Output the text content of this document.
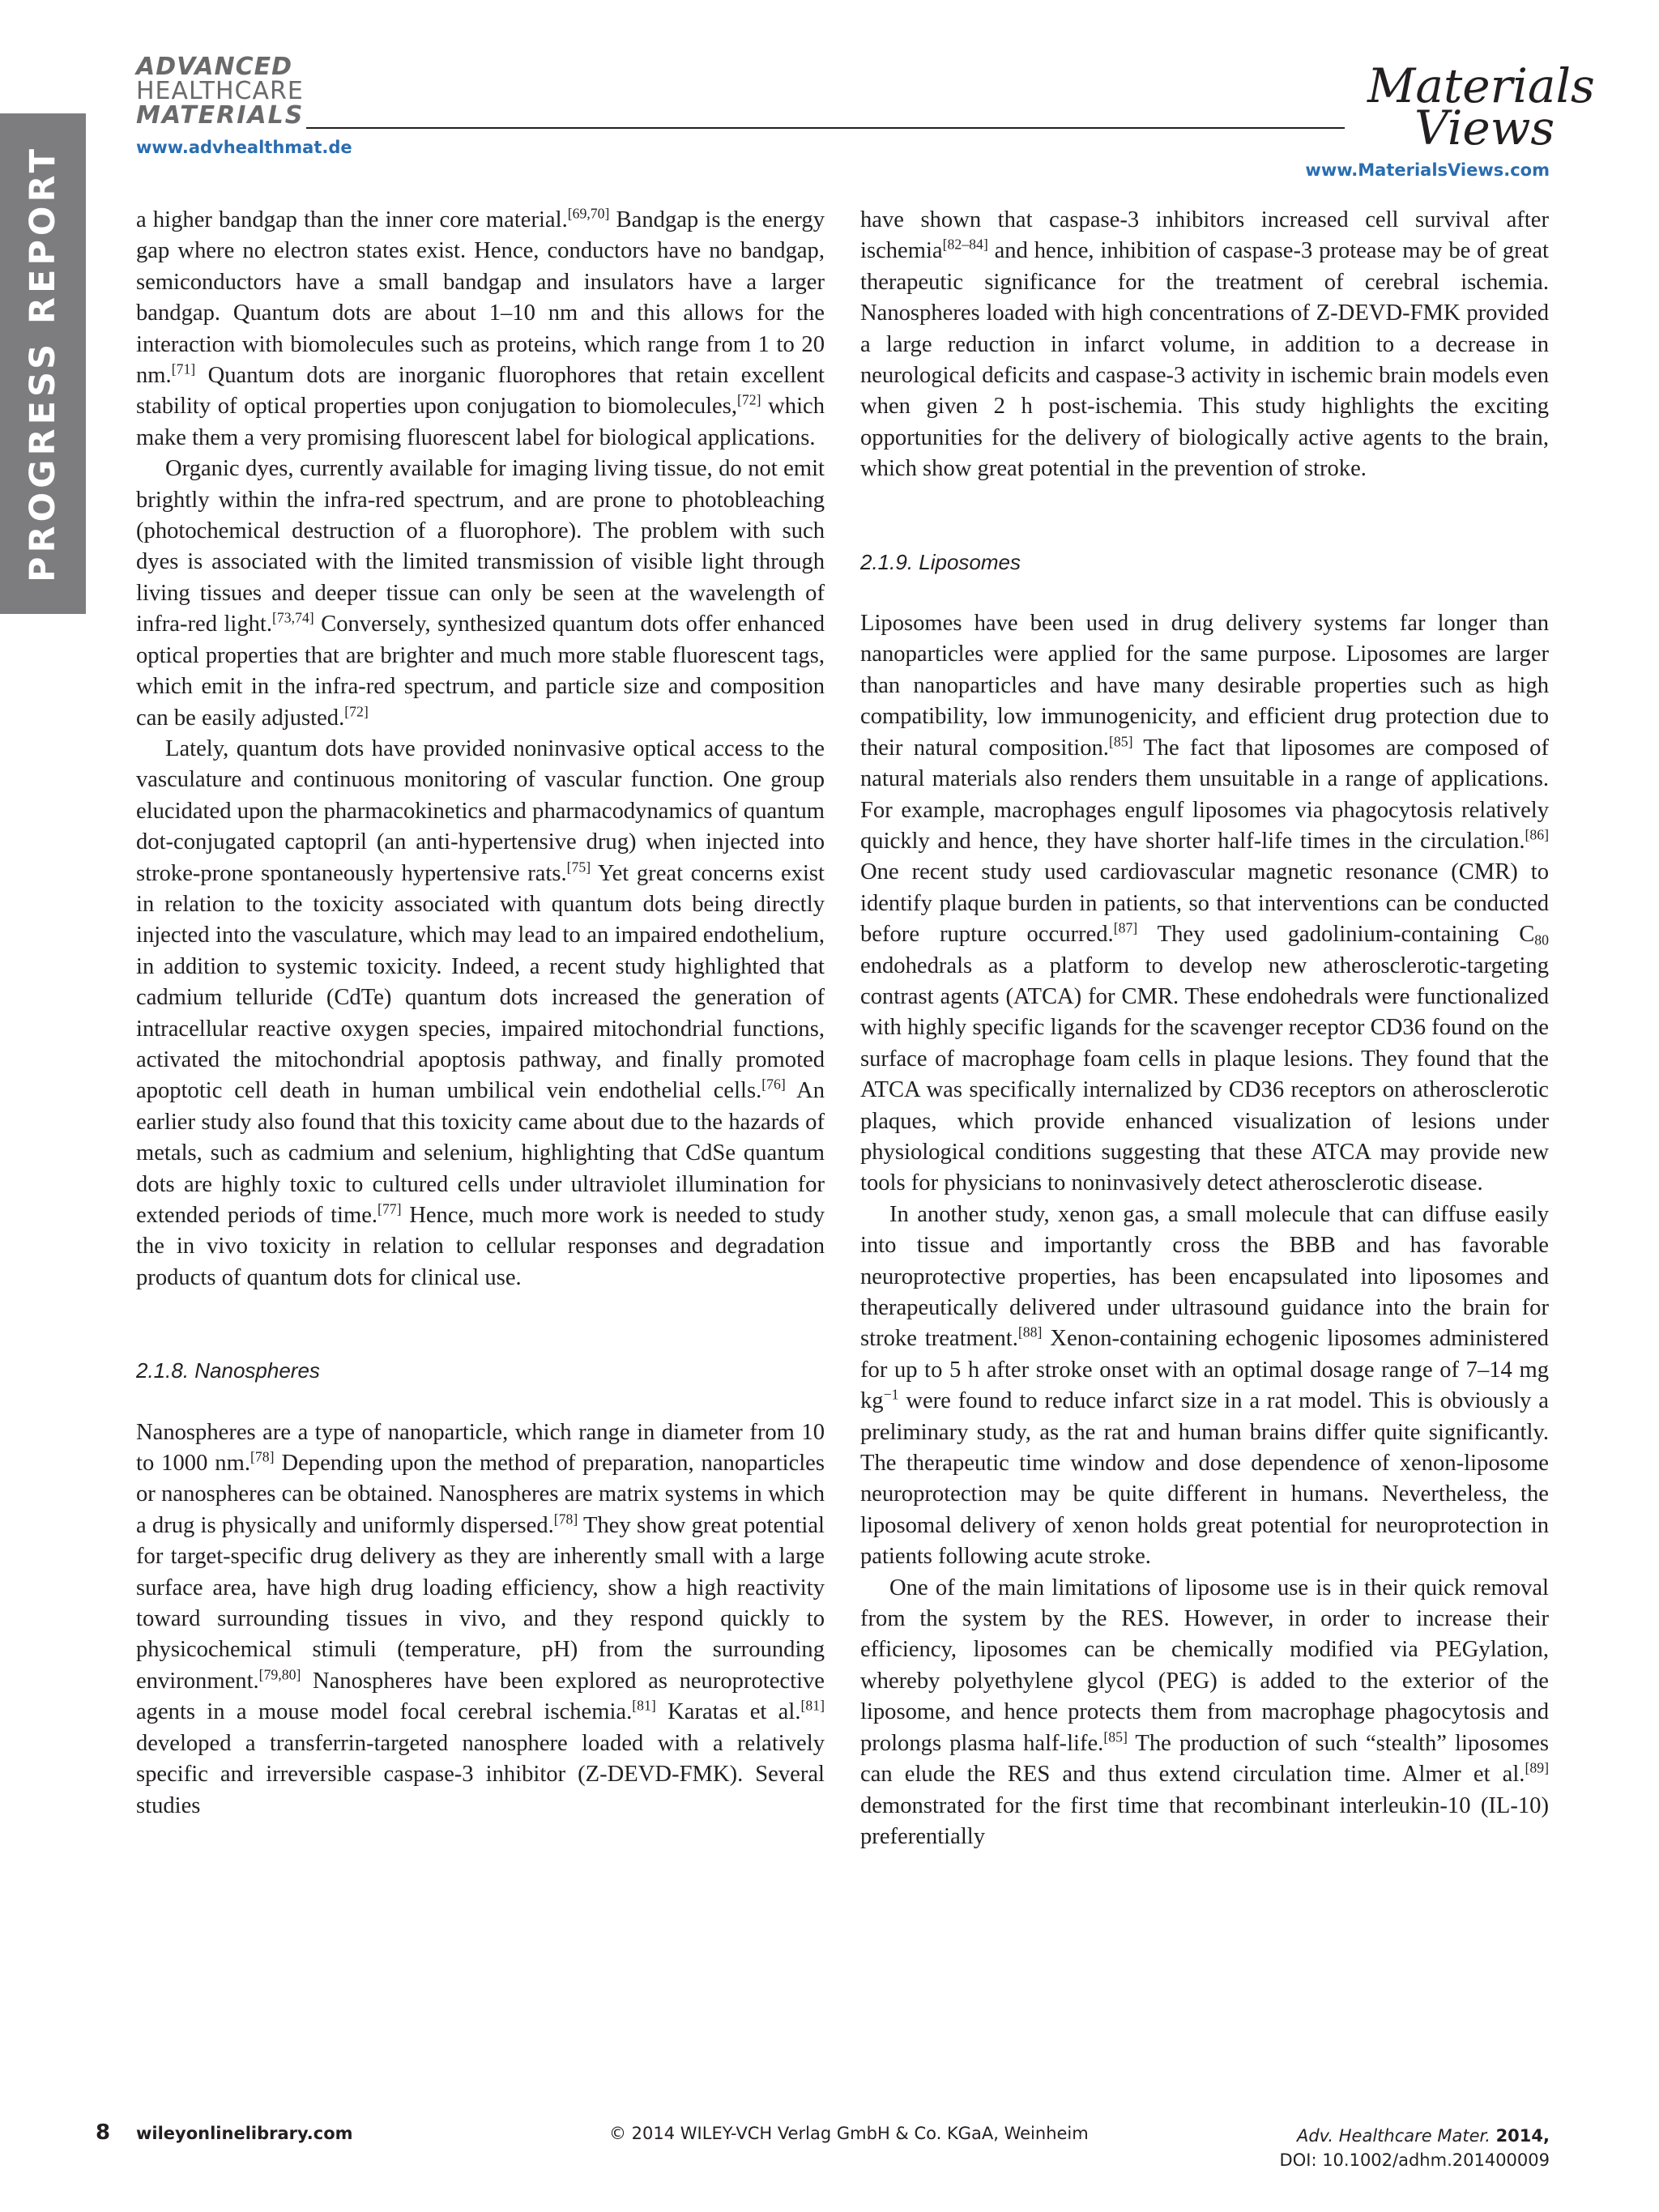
PROGRESS REPORT
ADVANCED
HEALTHCARE
MATERIALS
www.advhealthmat.de
Materials
Views
www.MaterialsViews.com

a higher bandgap than the inner core material.[69,70] Bandgap is the energy gap where no electron states exist. Hence, conductors have no bandgap, semiconductors have a small bandgap and insulators have a larger bandgap. Quantum dots are about 1–10 nm and this allows for the interaction with biomolecules such as proteins, which range from 1 to 20 nm.[71] Quantum dots are inorganic fluorophores that retain excellent stability of optical properties upon conjugation to biomolecules,[72] which make them a very promising fluorescent label for biological applications.

Organic dyes, currently available for imaging living tissue, do not emit brightly within the infra-red spectrum, and are prone to photobleaching (photochemical destruction of a fluorophore). The problem with such dyes is associated with the limited transmission of visible light through living tissues and deeper tissue can only be seen at the wavelength of infra-red light.[73,74] Conversely, synthesized quantum dots offer enhanced optical properties that are brighter and much more stable fluorescent tags, which emit in the infra-red spectrum, and particle size and composition can be easily adjusted.[72]

Lately, quantum dots have provided noninvasive optical access to the vasculature and continuous monitoring of vascular function. One group elucidated upon the pharmacokinetics and pharmacodynamics of quantum dot-conjugated captopril (an anti-hypertensive drug) when injected into stroke-prone spontaneously hypertensive rats.[75] Yet great concerns exist in relation to the toxicity associated with quantum dots being directly injected into the vasculature, which may lead to an impaired endothelium, in addition to systemic toxicity. Indeed, a recent study highlighted that cadmium telluride (CdTe) quantum dots increased the generation of intracellular reactive oxygen species, impaired mitochondrial functions, activated the mitochondrial apoptosis pathway, and finally promoted apoptotic cell death in human umbilical vein endothelial cells.[76] An earlier study also found that this toxicity came about due to the hazards of metals, such as cadmium and selenium, highlighting that CdSe quantum dots are highly toxic to cultured cells under ultraviolet illumination for extended periods of time.[77] Hence, much more work is needed to study the in vivo toxicity in relation to cellular responses and degradation products of quantum dots for clinical use.

2.1.8. Nanospheres

Nanospheres are a type of nanoparticle, which range in diameter from 10 to 1000 nm.[78] Depending upon the method of preparation, nanoparticles or nanospheres can be obtained. Nanospheres are matrix systems in which a drug is physically and uniformly dispersed.[78] They show great potential for target-specific drug delivery as they are inherently small with a large surface area, have high drug loading efficiency, show a high reactivity toward surrounding tissues in vivo, and they respond quickly to physicochemical stimuli (temperature, pH) from the surrounding environment.[79,80] Nanospheres have been explored as neuroprotective agents in a mouse model focal cerebral ischemia.[81] Karatas et al.[81] developed a transferrin-targeted nanosphere loaded with a relatively specific and irreversible caspase-3 inhibitor (Z-DEVD-FMK). Several studies

have shown that caspase-3 inhibitors increased cell survival after ischemia[82–84] and hence, inhibition of caspase-3 protease may be of great therapeutic significance for the treatment of cerebral ischemia. Nanospheres loaded with high concentrations of Z-DEVD-FMK provided a large reduction in infarct volume, in addition to a decrease in neurological deficits and caspase-3 activity in ischemic brain models even when given 2 h post-ischemia. This study highlights the exciting opportunities for the delivery of biologically active agents to the brain, which show great potential in the prevention of stroke.

2.1.9. Liposomes

Liposomes have been used in drug delivery systems far longer than nanoparticles were applied for the same purpose. Liposomes are larger than nanoparticles and have many desirable properties such as high compatibility, low immunogenicity, and efficient drug protection due to their natural composition.[85] The fact that liposomes are composed of natural materials also renders them unsuitable in a range of applications. For example, macrophages engulf liposomes via phagocytosis relatively quickly and hence, they have shorter half-life times in the circulation.[86] One recent study used cardiovascular magnetic resonance (CMR) to identify plaque burden in patients, so that interventions can be conducted before rupture occurred.[87] They used gadolinium-containing $C_{80}$ endohedrals as a platform to develop new atherosclerotic-targeting contrast agents (ATCA) for CMR. These endohedrals were functionalized with highly specific ligands for the scavenger receptor CD36 found on the surface of macrophage foam cells in plaque lesions. They found that the ATCA was specifically internalized by CD36 receptors on atherosclerotic plaques, which provide enhanced visualization of lesions under physiological conditions suggesting that these ATCA may provide new tools for physicians to noninvasively detect atherosclerotic disease.

In another study, xenon gas, a small molecule that can diffuse easily into tissue and importantly cross the BBB and has favorable neuroprotective properties, has been encapsulated into liposomes and therapeutically delivered under ultrasound guidance into the brain for stroke treatment.[88] Xenon-containing echogenic liposomes administered for up to 5 h after stroke onset with an optimal dosage range of 7–14 mg $kg^{-1}$ were found to reduce infarct size in a rat model. This is obviously a preliminary study, as the rat and human brains differ quite significantly. The therapeutic time window and dose dependence of xenon-liposome neuroprotection may be quite different in humans. Nevertheless, the liposomal delivery of xenon holds great potential for neuroprotection in patients following acute stroke.

One of the main limitations of liposome use is in their quick removal from the system by the RES. However, in order to increase their efficiency, liposomes can be chemically modified via PEGylation, whereby polyethylene glycol (PEG) is added to the exterior of the liposome, and hence protects them from macrophage phagocytosis and prolongs plasma half-life.[85] The production of such “stealth” liposomes can elude the RES and thus extend circulation time. Almer et al.[89] demonstrated for the first time that recombinant interleukin-10 (IL-10) preferentially

8 wileyonlinelibrary.com	© 2014 WILEY-VCH Verlag GmbH & Co. KGaA, Weinheim	Adv. Healthcare Mater. 2014,
DOI: 10.1002/adhm.201400009
